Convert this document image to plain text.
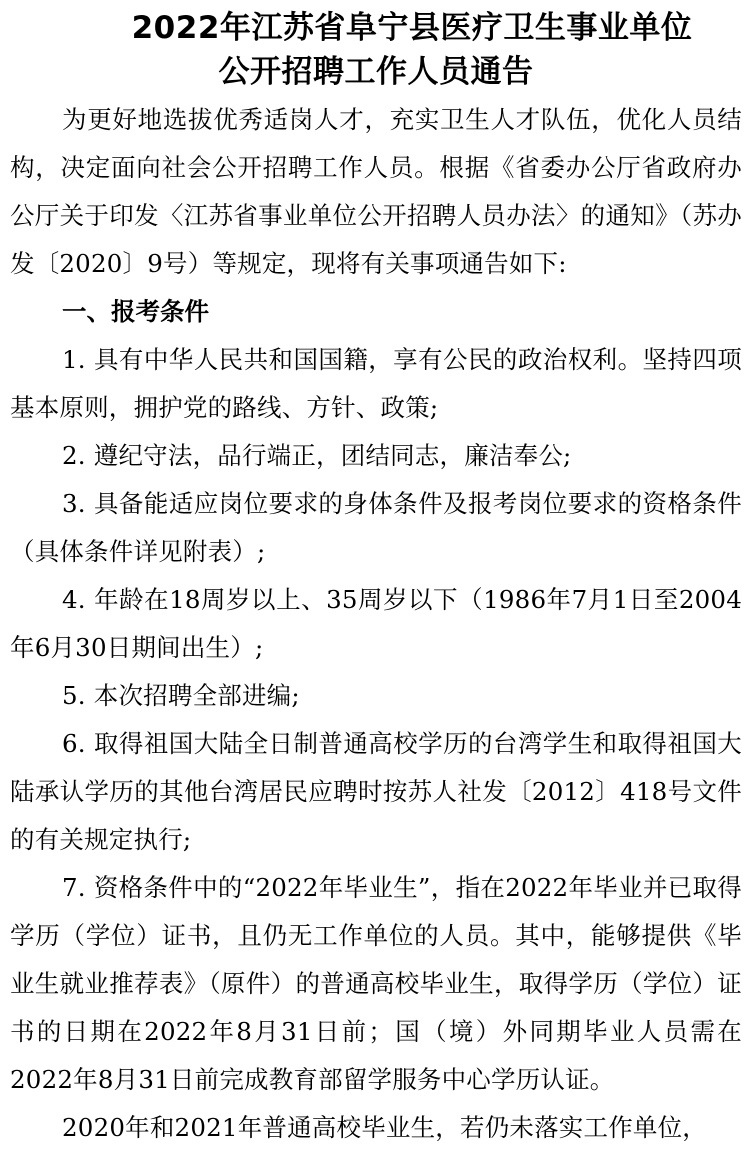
2022年江苏省阜宁县医疗卫生事业单位
公开招聘工作人员通告

为更好地选拔优秀适岗人才，充实卫生人才队伍，优化人员结构，决定面向社会公开招聘工作人员。根据《省委办公厅省政府办公厅关于印发〈江苏省事业单位公开招聘人员办法〉的通知》（苏办发〔2020〕9号）等规定，现将有关事项通告如下:

一、报考条件

1. 具有中华人民共和国国籍，享有公民的政治权利。坚持四项基本原则，拥护党的路线、方针、政策;

2. 遵纪守法，品行端正，团结同志，廉洁奉公;

3. 具备能适应岗位要求的身体条件及报考岗位要求的资格条件（具体条件详见附表）;

4. 年龄在18周岁以上、35周岁以下（1986年7月1日至2004年6月30日期间出生）;

5. 本次招聘全部进编;

6. 取得祖国大陆全日制普通高校学历的台湾学生和取得祖国大陆承认学历的其他台湾居民应聘时按苏人社发〔2012〕418号文件的有关规定执行;

7. 资格条件中的“2022年毕业生”，指在2022年毕业并已取得学历（学位）证书，且仍无工作单位的人员。其中，能够提供《毕业生就业推荐表》（原件）的普通高校毕业生，取得学历（学位）证书的日期在2022年8月31日前；国（境）外同期毕业人员需在2022年8月31日前完成教育部留学服务中心学历认证。

2020年和2021年普通高校毕业生，若仍未落实工作单位，
